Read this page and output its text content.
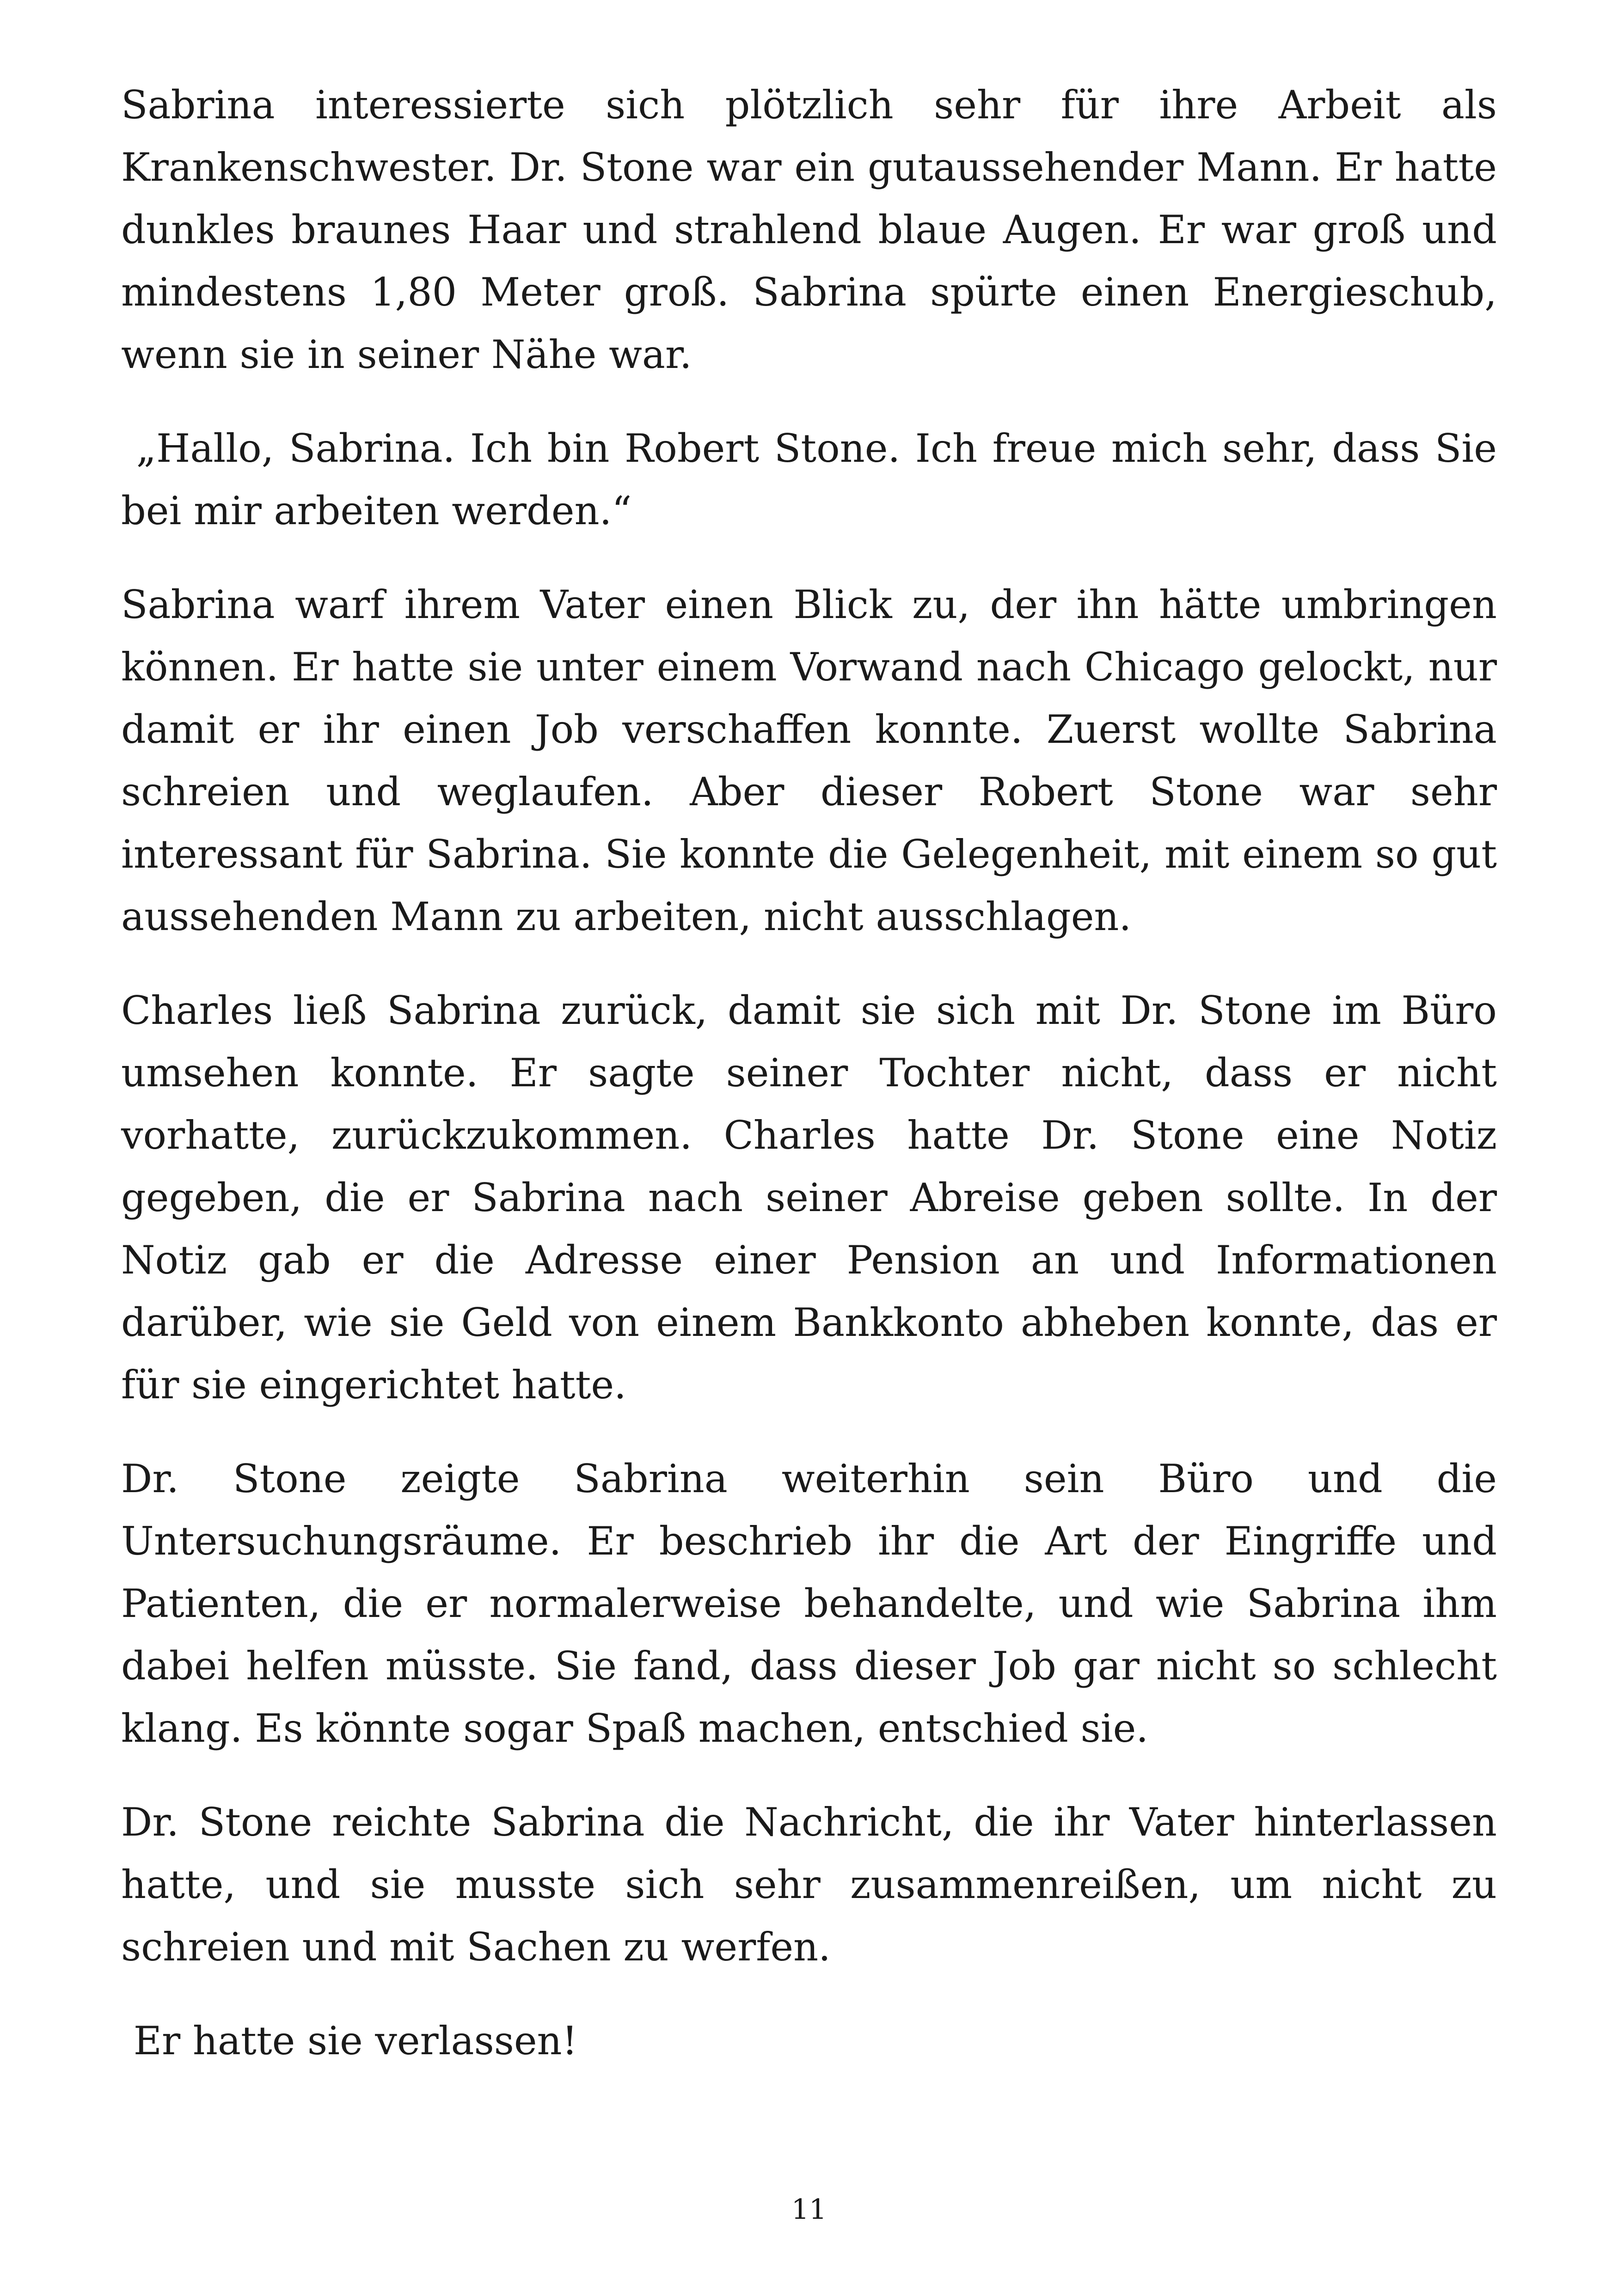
Sabrina interessierte sich plötzlich sehr für ihre Arbeit als Krankenschwester. Dr. Stone war ein gutaussehender Mann. Er hatte dunkles braunes Haar und strahlend blaue Augen. Er war groß und mindestens 1,80 Meter groß. Sabrina spürte einen Energieschub, wenn sie in seiner Nähe war.

„Hallo, Sabrina. Ich bin Robert Stone. Ich freue mich sehr, dass Sie bei mir arbeiten werden.“

Sabrina warf ihrem Vater einen Blick zu, der ihn hätte umbringen können. Er hatte sie unter einem Vorwand nach Chicago gelockt, nur damit er ihr einen Job verschaffen konnte. Zuerst wollte Sabrina schreien und weglaufen. Aber dieser Robert Stone war sehr interessant für Sabrina. Sie konnte die Gelegenheit, mit einem so gut aussehenden Mann zu arbeiten, nicht ausschlagen.

Charles ließ Sabrina zurück, damit sie sich mit Dr. Stone im Büro umsehen konnte. Er sagte seiner Tochter nicht, dass er nicht vorhatte, zurückzukommen. Charles hatte Dr. Stone eine Notiz gegeben, die er Sabrina nach seiner Abreise geben sollte. In der Notiz gab er die Adresse einer Pension an und Informationen darüber, wie sie Geld von einem Bankkonto abheben konnte, das er für sie eingerichtet hatte.

Dr. Stone zeigte Sabrina weiterhin sein Büro und die Untersuchungsräume. Er beschrieb ihr die Art der Eingriffe und Patienten, die er normalerweise behandelte, und wie Sabrina ihm dabei helfen müsste. Sie fand, dass dieser Job gar nicht so schlecht klang. Es könnte sogar Spaß machen, entschied sie.

Dr. Stone reichte Sabrina die Nachricht, die ihr Vater hinterlassen hatte, und sie musste sich sehr zusammenreißen, um nicht zu schreien und mit Sachen zu werfen.

Er hatte sie verlassen!

11
